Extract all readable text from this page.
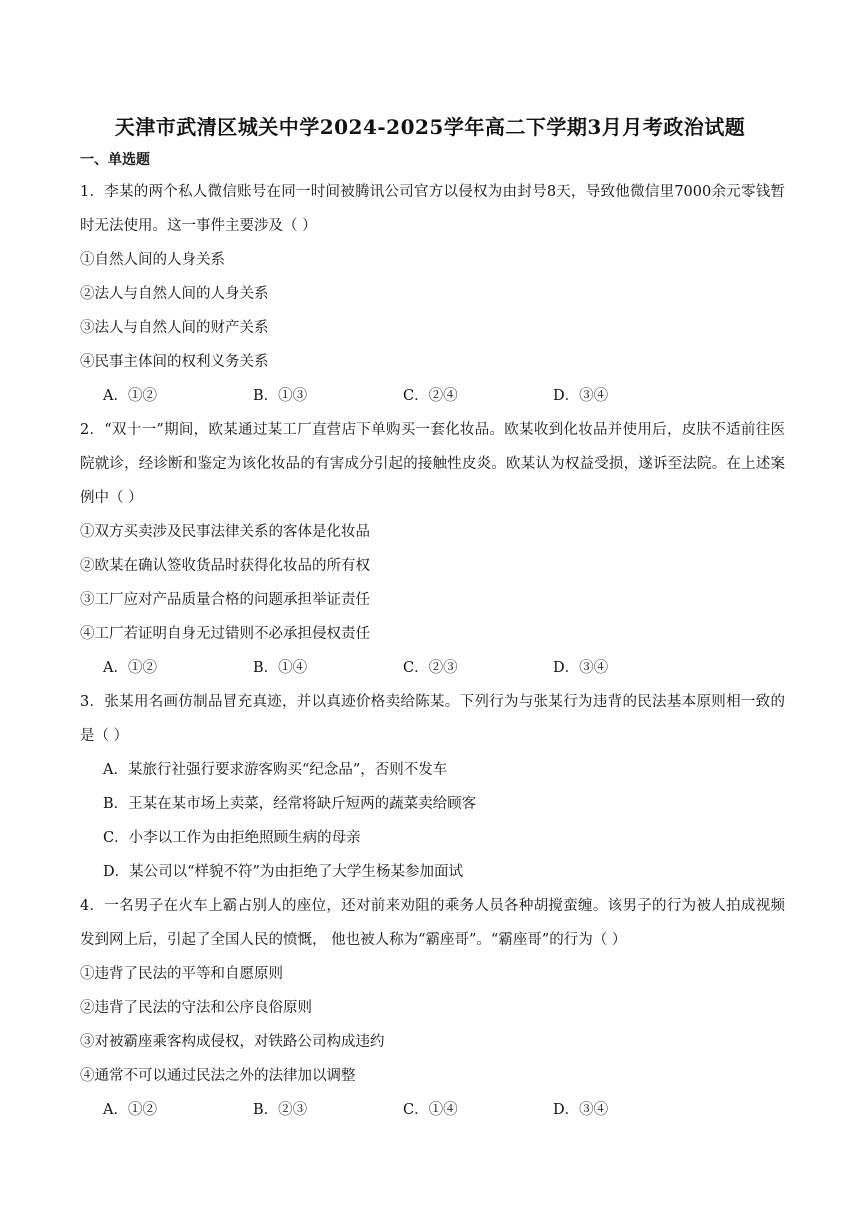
天津市武清区城关中学2024-2025学年高二下学期3月月考政治试题
一、单选题

1．李某的两个私人微信账号在同一时间被腾讯公司官方以侵权为由封号8天，导致他微信里7000余元零钱暂时无法使用。这一事件主要涉及（ ）

①自然人间的人身关系

②法人与自然人间的人身关系

③法人与自然人间的财产关系

④民事主体间的权利义务关系

A．①②	B．①③	C．②④	D．③④

2．“双十一”期间，欧某通过某工厂直营店下单购买一套化妆品。欧某收到化妆品并使用后，皮肤不适前往医院就诊，经诊断和鉴定为该化妆品的有害成分引起的接触性皮炎。欧某认为权益受损，遂诉至法院。在上述案例中（ ）

①双方买卖涉及民事法律关系的客体是化妆品

②欧某在确认签收货品时获得化妆品的所有权

③工厂应对产品质量合格的问题承担举证责任

④工厂若证明自身无过错则不必承担侵权责任

A．①②	B．①④	C．②③	D．③④

3．张某用名画仿制品冒充真迹，并以真迹价格卖给陈某。下列行为与张某行为违背的民法基本原则相一致的是（ ）

A．某旅行社强行要求游客购买“纪念品”，否则不发车

B．王某在某市场上卖菜，经常将缺斤短两的蔬菜卖给顾客

C．小李以工作为由拒绝照顾生病的母亲

D．某公司以“样貌不符”为由拒绝了大学生杨某参加面试

4．一名男子在火车上霸占别人的座位，还对前来劝阻的乘务人员各种胡搅蛮缠。该男子的行为被人拍成视频发到网上后，引起了全国人民的愤慨， 他也被人称为“霸座哥”。“霸座哥”的行为（ ）

①违背了民法的平等和自愿原则

②违背了民法的守法和公序良俗原则

③对被霸座乘客构成侵权，对铁路公司构成违约

④通常不可以通过民法之外的法律加以调整

A．①②	B．②③	C．①④	D．③④
